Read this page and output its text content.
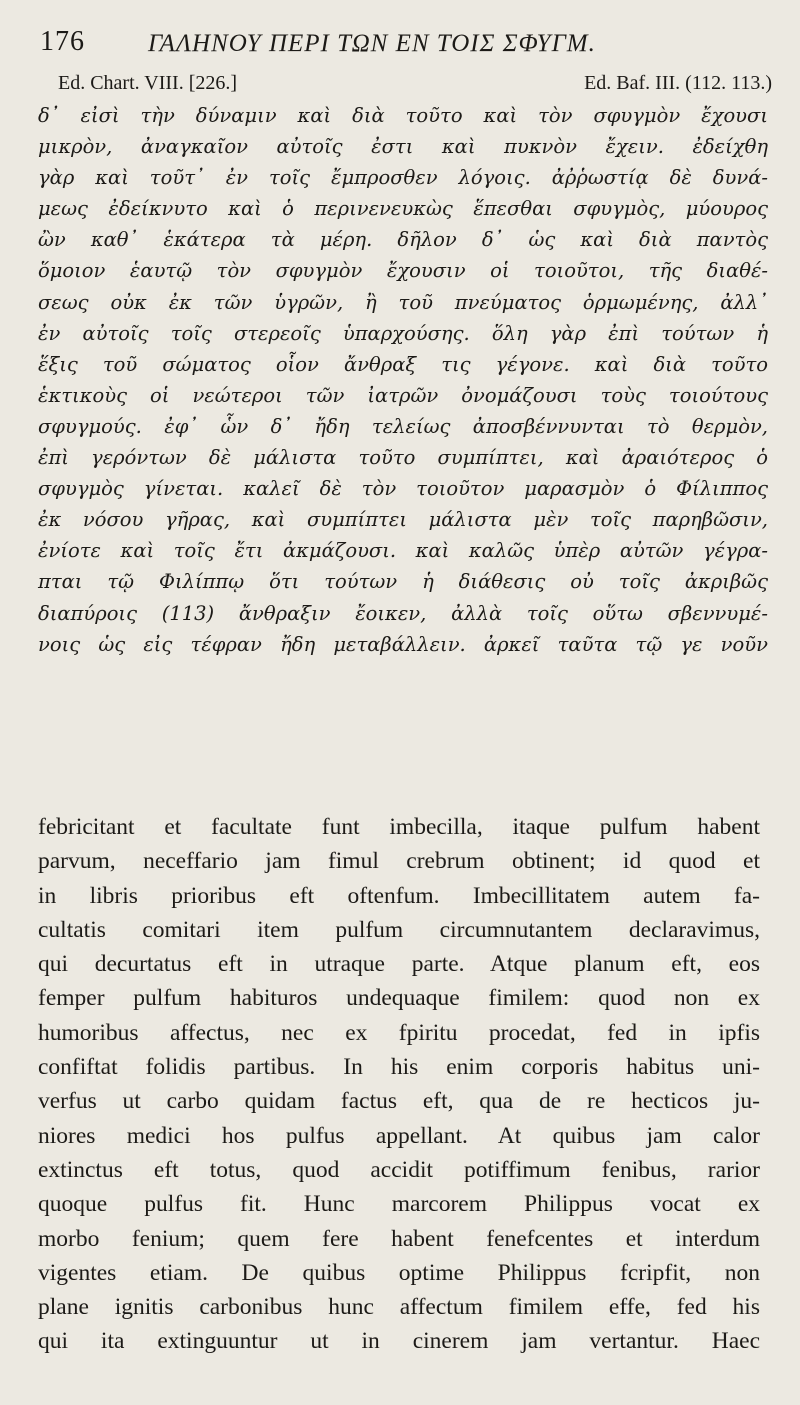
176	ΓΑΛΗΝΟΥ ΠΕΡΙ ΤΩΝ ΕΝ ΤΟΙΣ ΣΦΥΓΜ.
Ed. Chart. VIII. [226.]	Ed. Baf. III. (112. 113.)
δ᾽ εἰσὶ τὴν δύναμιν καὶ διὰ τοῦτο καὶ τὸν σφυγμὸν ἔχουσι
μικρὸν, ἀναγκαῖον αὐτοῖς ἐστι καὶ πυκνὸν ἔχειν. ἐδείχθη
γὰρ καὶ τοῦτ᾽ ἐν τοῖς ἔμπροσθεν λόγοις. ἀῤῥωστίᾳ δὲ δυνά-
μεως ἐδείκνυτο καὶ ὁ περινενευκὼς ἕπεσθαι σφυγμὸς, μύουρος
ὢν καθ᾽ ἑκάτερα τὰ μέρη. δῆλον δ᾽ ὡς καὶ διὰ παντὸς
ὅμοιον ἑαυτῷ τὸν σφυγμὸν ἔχουσιν οἱ τοιοῦτοι, τῆς διαθέ-
σεως οὐκ ἐκ τῶν ὑγρῶν, ἢ τοῦ πνεύματος ὁρμωμένης, ἀλλ᾽
ἐν αὐτοῖς τοῖς στερεοῖς ὑπαρχούσης. ὅλη γὰρ ἐπὶ τούτων ἡ
ἕξις τοῦ σώματος οἷον ἄνθραξ τις γέγονε. καὶ διὰ τοῦτο
ἑκτικοὺς οἱ νεώτεροι τῶν ἰατρῶν ὀνομάζουσι τοὺς τοιούτους
σφυγμούς. ἐφ᾽ ὧν δ᾽ ἤδη τελείως ἀποσβέννυνται τὸ θερμὸν,
ἐπὶ γερόντων δὲ μάλιστα τοῦτο συμπίπτει, καὶ ἀραιότερος ὁ
σφυγμὸς γίνεται. καλεῖ δὲ τὸν τοιοῦτον μαρασμὸν ὁ Φίλιππος
ἐκ νόσου γῆρας, καὶ συμπίπτει μάλιστα μὲν τοῖς παρηβῶσιν,
ἐνίοτε καὶ τοῖς ἔτι ἀκμάζουσι. καὶ καλῶς ὑπὲρ αὐτῶν γέγρα-
πται τῷ Φιλίππῳ ὅτι τούτων ἡ διάθεσις οὐ τοῖς ἀκριβῶς
διαπύροις (113) ἄνθραξιν ἔοικεν, ἀλλὰ τοῖς οὕτω σβεννυμέ-
νοις ὡς εἰς τέφραν ἤδη μεταβάλλειν. ἀρκεῖ ταῦτα τῷ γε νοῦν
febricitant et facultate funt imbecilla, itaque pulfum habent
parvum, neceffario jam fimul crebrum obtinent; id quod et
in libris prioribus eft oftenfum. Imbecillitatem autem fa-
cultatis comitari item pulfum circumnutantem declaravimus,
qui decurtatus eft in utraque parte. Atque planum eft, eos
femper pulfum habituros undequaque fimilem: quod non ex
humoribus affectus, nec ex fpiritu procedat, fed in ipfis
confiftat folidis partibus. In his enim corporis habitus uni-
verfus ut carbo quidam factus eft, qua de re hecticos ju-
niores medici hos pulfus appellant. At quibus jam calor
extinctus eft totus, quod accidit potiffimum fenibus, rarior
quoque pulfus fit. Hunc marcorem Philippus vocat ex
morbo fenium; quem fere habent fenefcentes et interdum
vigentes etiam. De quibus optime Philippus fcripfit, non
plane ignitis carbonibus hunc affectum fimilem effe, fed his
qui ita extinguuntur ut in cinerem jam vertantur. Haec
